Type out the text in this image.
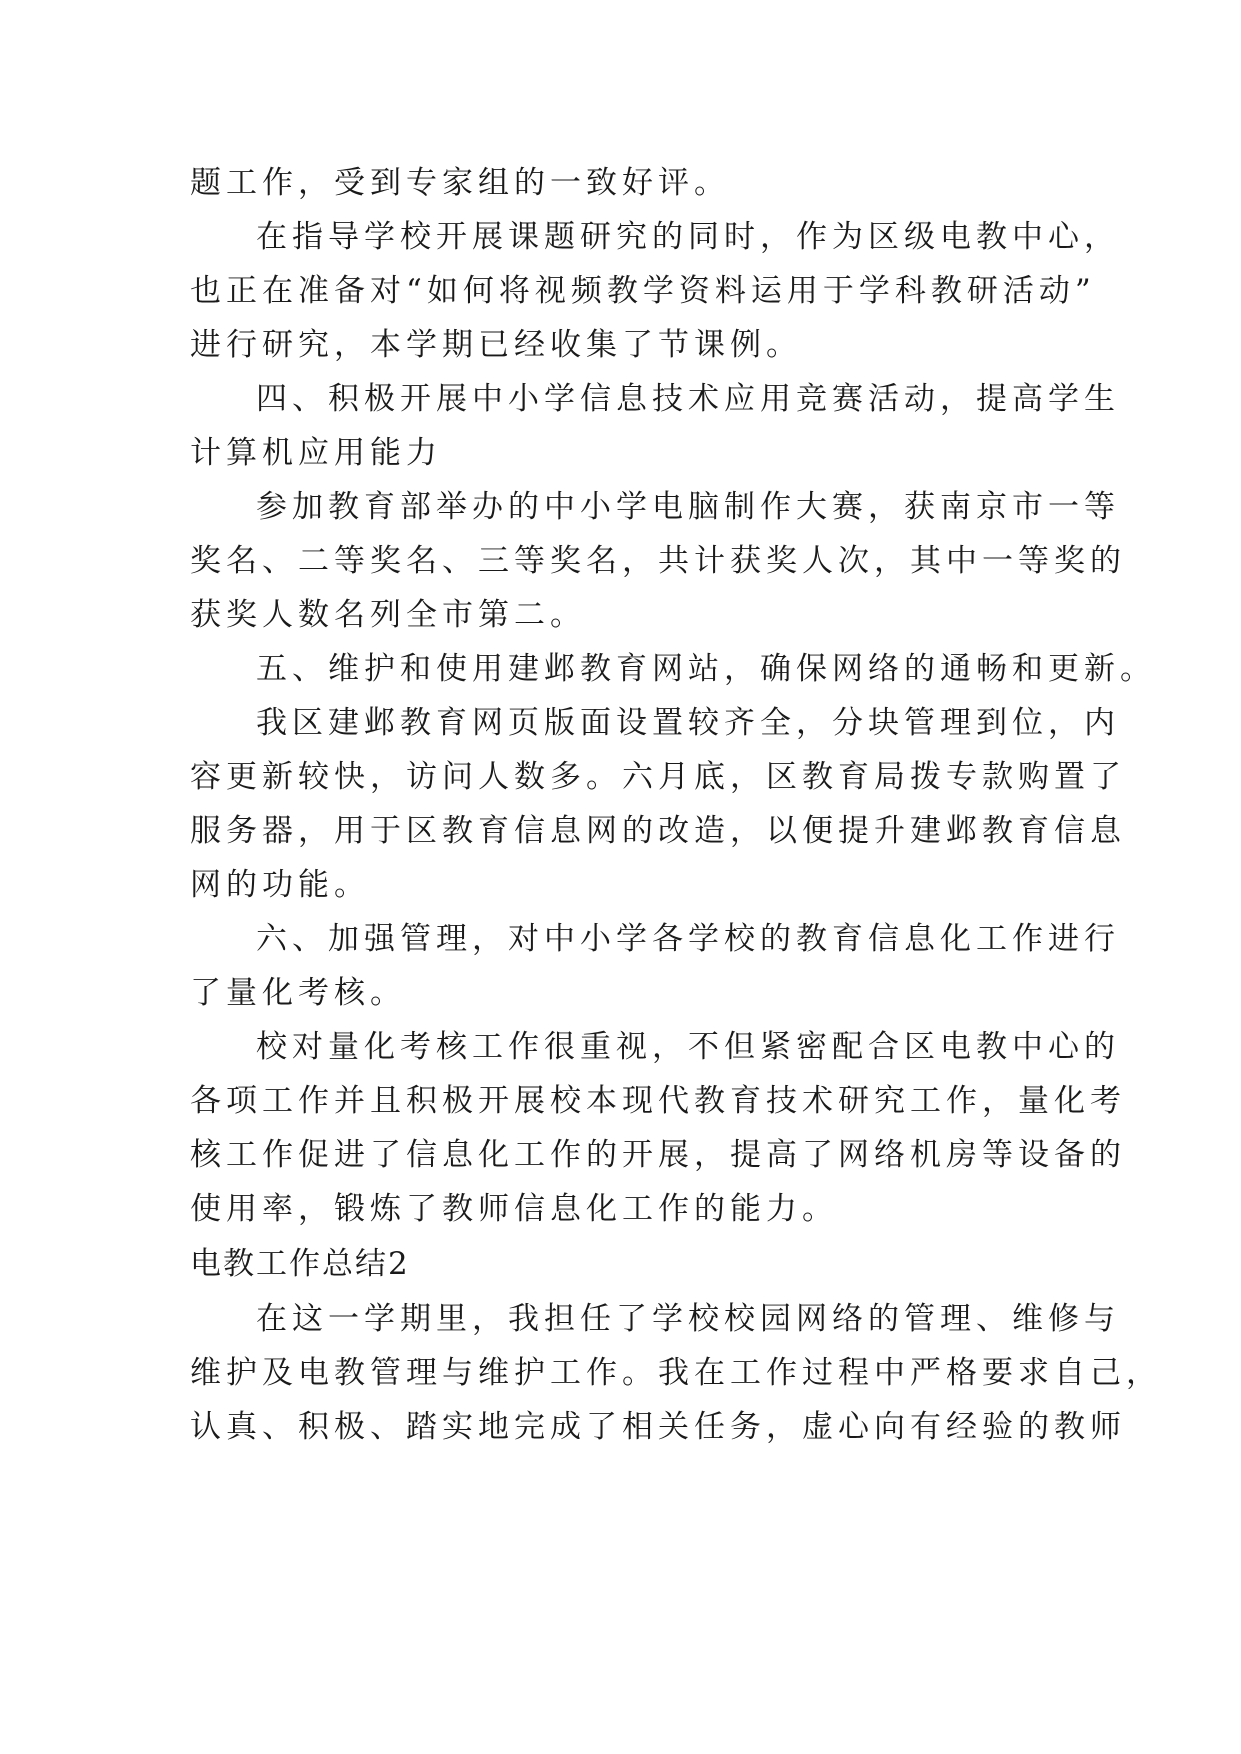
题工作，受到专家组的一致好评。
在指导学校开展课题研究的同时，作为区级电教中心，
也正在准备对“如何将视频教学资料运用于学科教研活动”
进行研究，本学期已经收集了节课例。
四、积极开展中小学信息技术应用竞赛活动，提高学生
计算机应用能力
参加教育部举办的中小学电脑制作大赛，获南京市一等
奖名、二等奖名、三等奖名，共计获奖人次，其中一等奖的
获奖人数名列全市第二。
五、维护和使用建邺教育网站，确保网络的通畅和更新。
我区建邺教育网页版面设置较齐全，分块管理到位，内
容更新较快，访问人数多。六月底，区教育局拨专款购置了
服务器，用于区教育信息网的改造，以便提升建邺教育信息
网的功能。
六、加强管理，对中小学各学校的教育信息化工作进行
了量化考核。
校对量化考核工作很重视，不但紧密配合区电教中心的
各项工作并且积极开展校本现代教育技术研究工作，量化考
核工作促进了信息化工作的开展，提高了网络机房等设备的
使用率，锻炼了教师信息化工作的能力。
电教工作总结2
在这一学期里，我担任了学校校园网络的管理、维修与
维护及电教管理与维护工作。我在工作过程中严格要求自己，
认真、积极、踏实地完成了相关任务，虚心向有经验的教师
